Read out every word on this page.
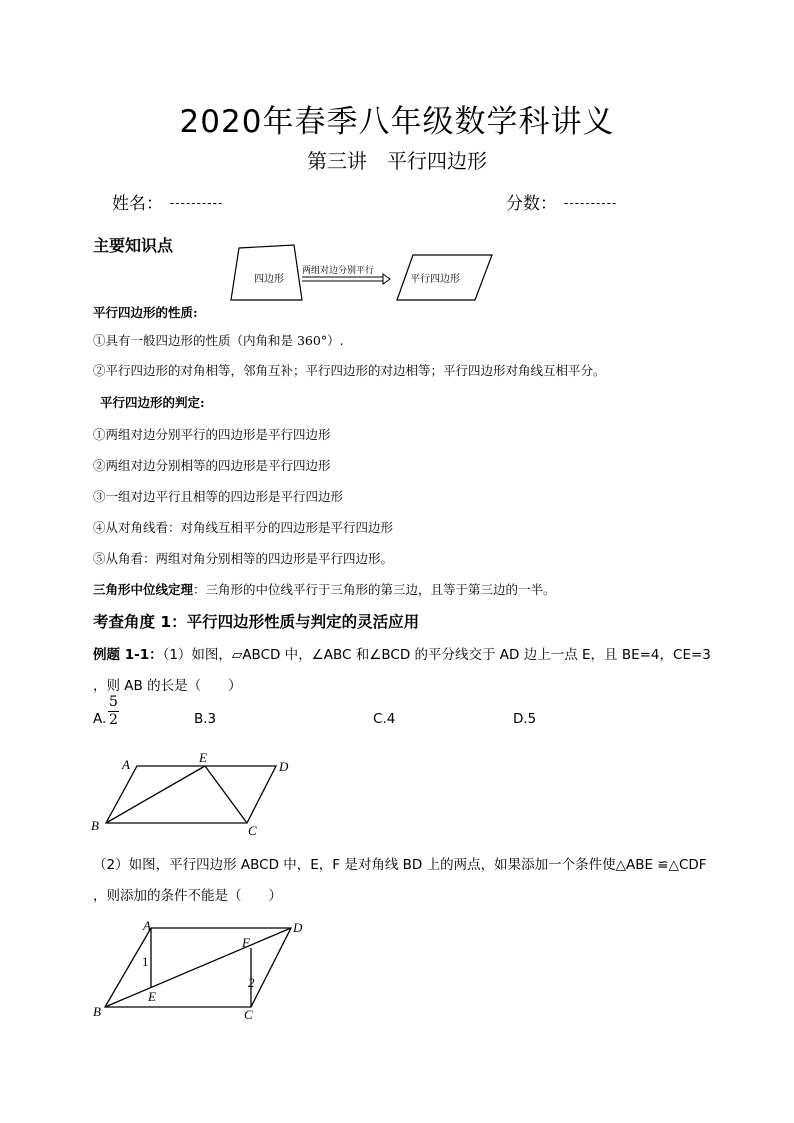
2020年春季八年级数学科讲义
第三讲 平行四边形
姓名： ----------	分数： ----------
主要知识点
四边形
两组对边分别平行
平行四边形
平行四边形的性质:
①具有一般四边形的性质（内角和是 360°）.
②平行四边形的对角相等，邻角互补；平行四边形的对边相等；平行四边形对角线互相平分。
平行四边形的判定:
①两组对边分别平行的四边形是平行四边形
②两组对边分别相等的四边形是平行四边形
③一组对边平行且相等的四边形是平行四边形
④从对角线看：对角线互相平分的四边形是平行四边形
⑤从角看：两组对角分别相等的四边形是平行四边形。
三角形中位线定理：三角形的中位线平行于三角形的第三边，且等于第三边的一半。
考查角度 1：平行四边形性质与判定的灵活应用
例题 1-1：（1）如图，▱ABCD 中，∠ABC 和∠BCD 的平分线交于 AD 边上一点 E，且 BE=4，CE=3
，则 AB 的长是（　　）
A. $\frac{5}{2}$	B.3	C.4	D.5
A	E
D
B	C
（2）如图，平行四边形 ABCD 中，E，F 是对角线 BD 上的两点，如果添加一个条件使△ABE ≌△CDF
，则添加的条件不能是（　　）
A	D
F
1
2
E
B	C
